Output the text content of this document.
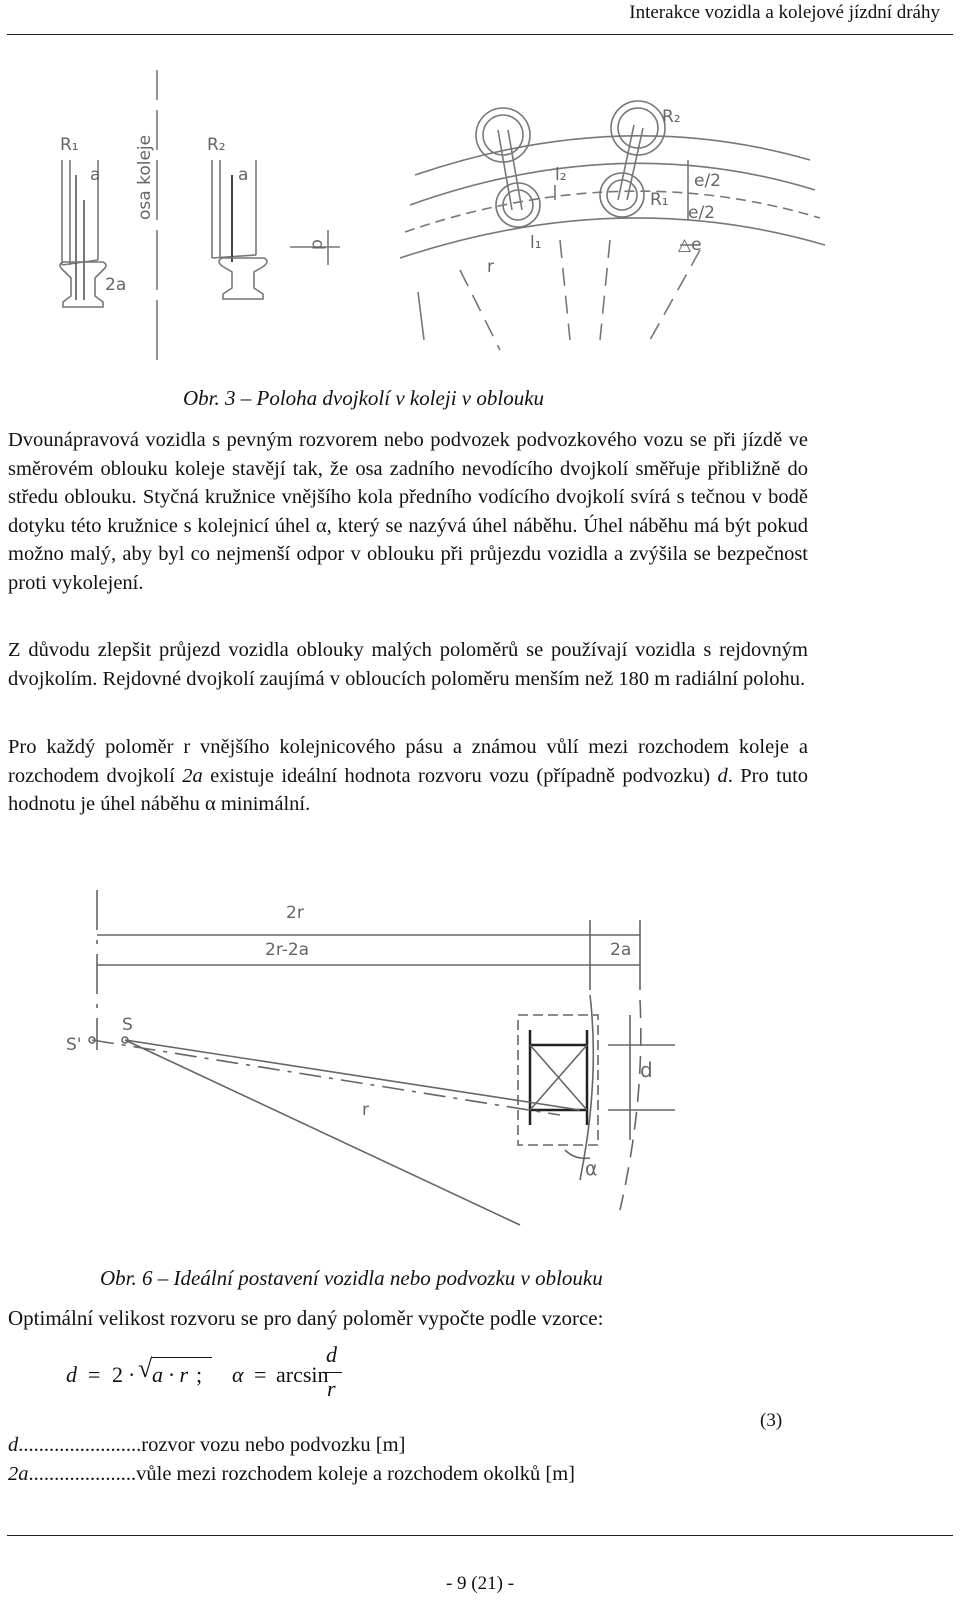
Interakce vozidla a kolejové jízdní dráhy
R₁	R₂
a	a
2a
osa koleje
p
l₂
l₁
r
R₂
R₁
e/2
e/2
△e
Obr. 3 – Poloha dvojkolí v koleji v oblouku
Dvounápravová vozidla s pevným rozvorem nebo podvozek podvozkového vozu se při jízdě ve směrovém oblouku koleje stavějí tak, že osa zadního nevodícího dvojkolí směřuje přibližně do středu oblouku. Styčná kružnice vnějšího kola předního vodícího dvojkolí svírá s tečnou v bodě dotyku této kružnice s kolejnicí úhel α, který se nazývá úhel náběhu. Úhel náběhu má být pokud možno malý, aby byl co nejmenší odpor v oblouku při průjezdu vozidla a zvýšila se bezpečnost proti vykolejení.
Z důvodu zlepšit průjezd vozidla oblouky malých poloměrů se používají vozidla s rejdovným dvojkolím. Rejdovné dvojkolí zaujímá v obloucích poloměru menším než 180 m radiální polohu.
Pro každý poloměr r vnějšího kolejnicového pásu a známou vůlí mezi rozchodem koleje a rozchodem dvojkolí 2a existuje ideální hodnota rozvoru vozu (případně podvozku) d. Pro tuto hodnotu je úhel náběhu α minimální.
2r
2r-2a	2a
S
S'
r
d
α
Obr. 6 – Ideální postavení vozidla nebo podvozku v oblouku
Optimální velikost rozvoru se pro daný poloměr vypočte podle vzorce:
d = 2 · √ a · r ; α = arcsin
d
r
(3)
d........................rozvor vozu nebo podvozku [m]
2a.....................vůle mezi rozchodem koleje a rozchodem okolků [m]
- 9 (21) -
